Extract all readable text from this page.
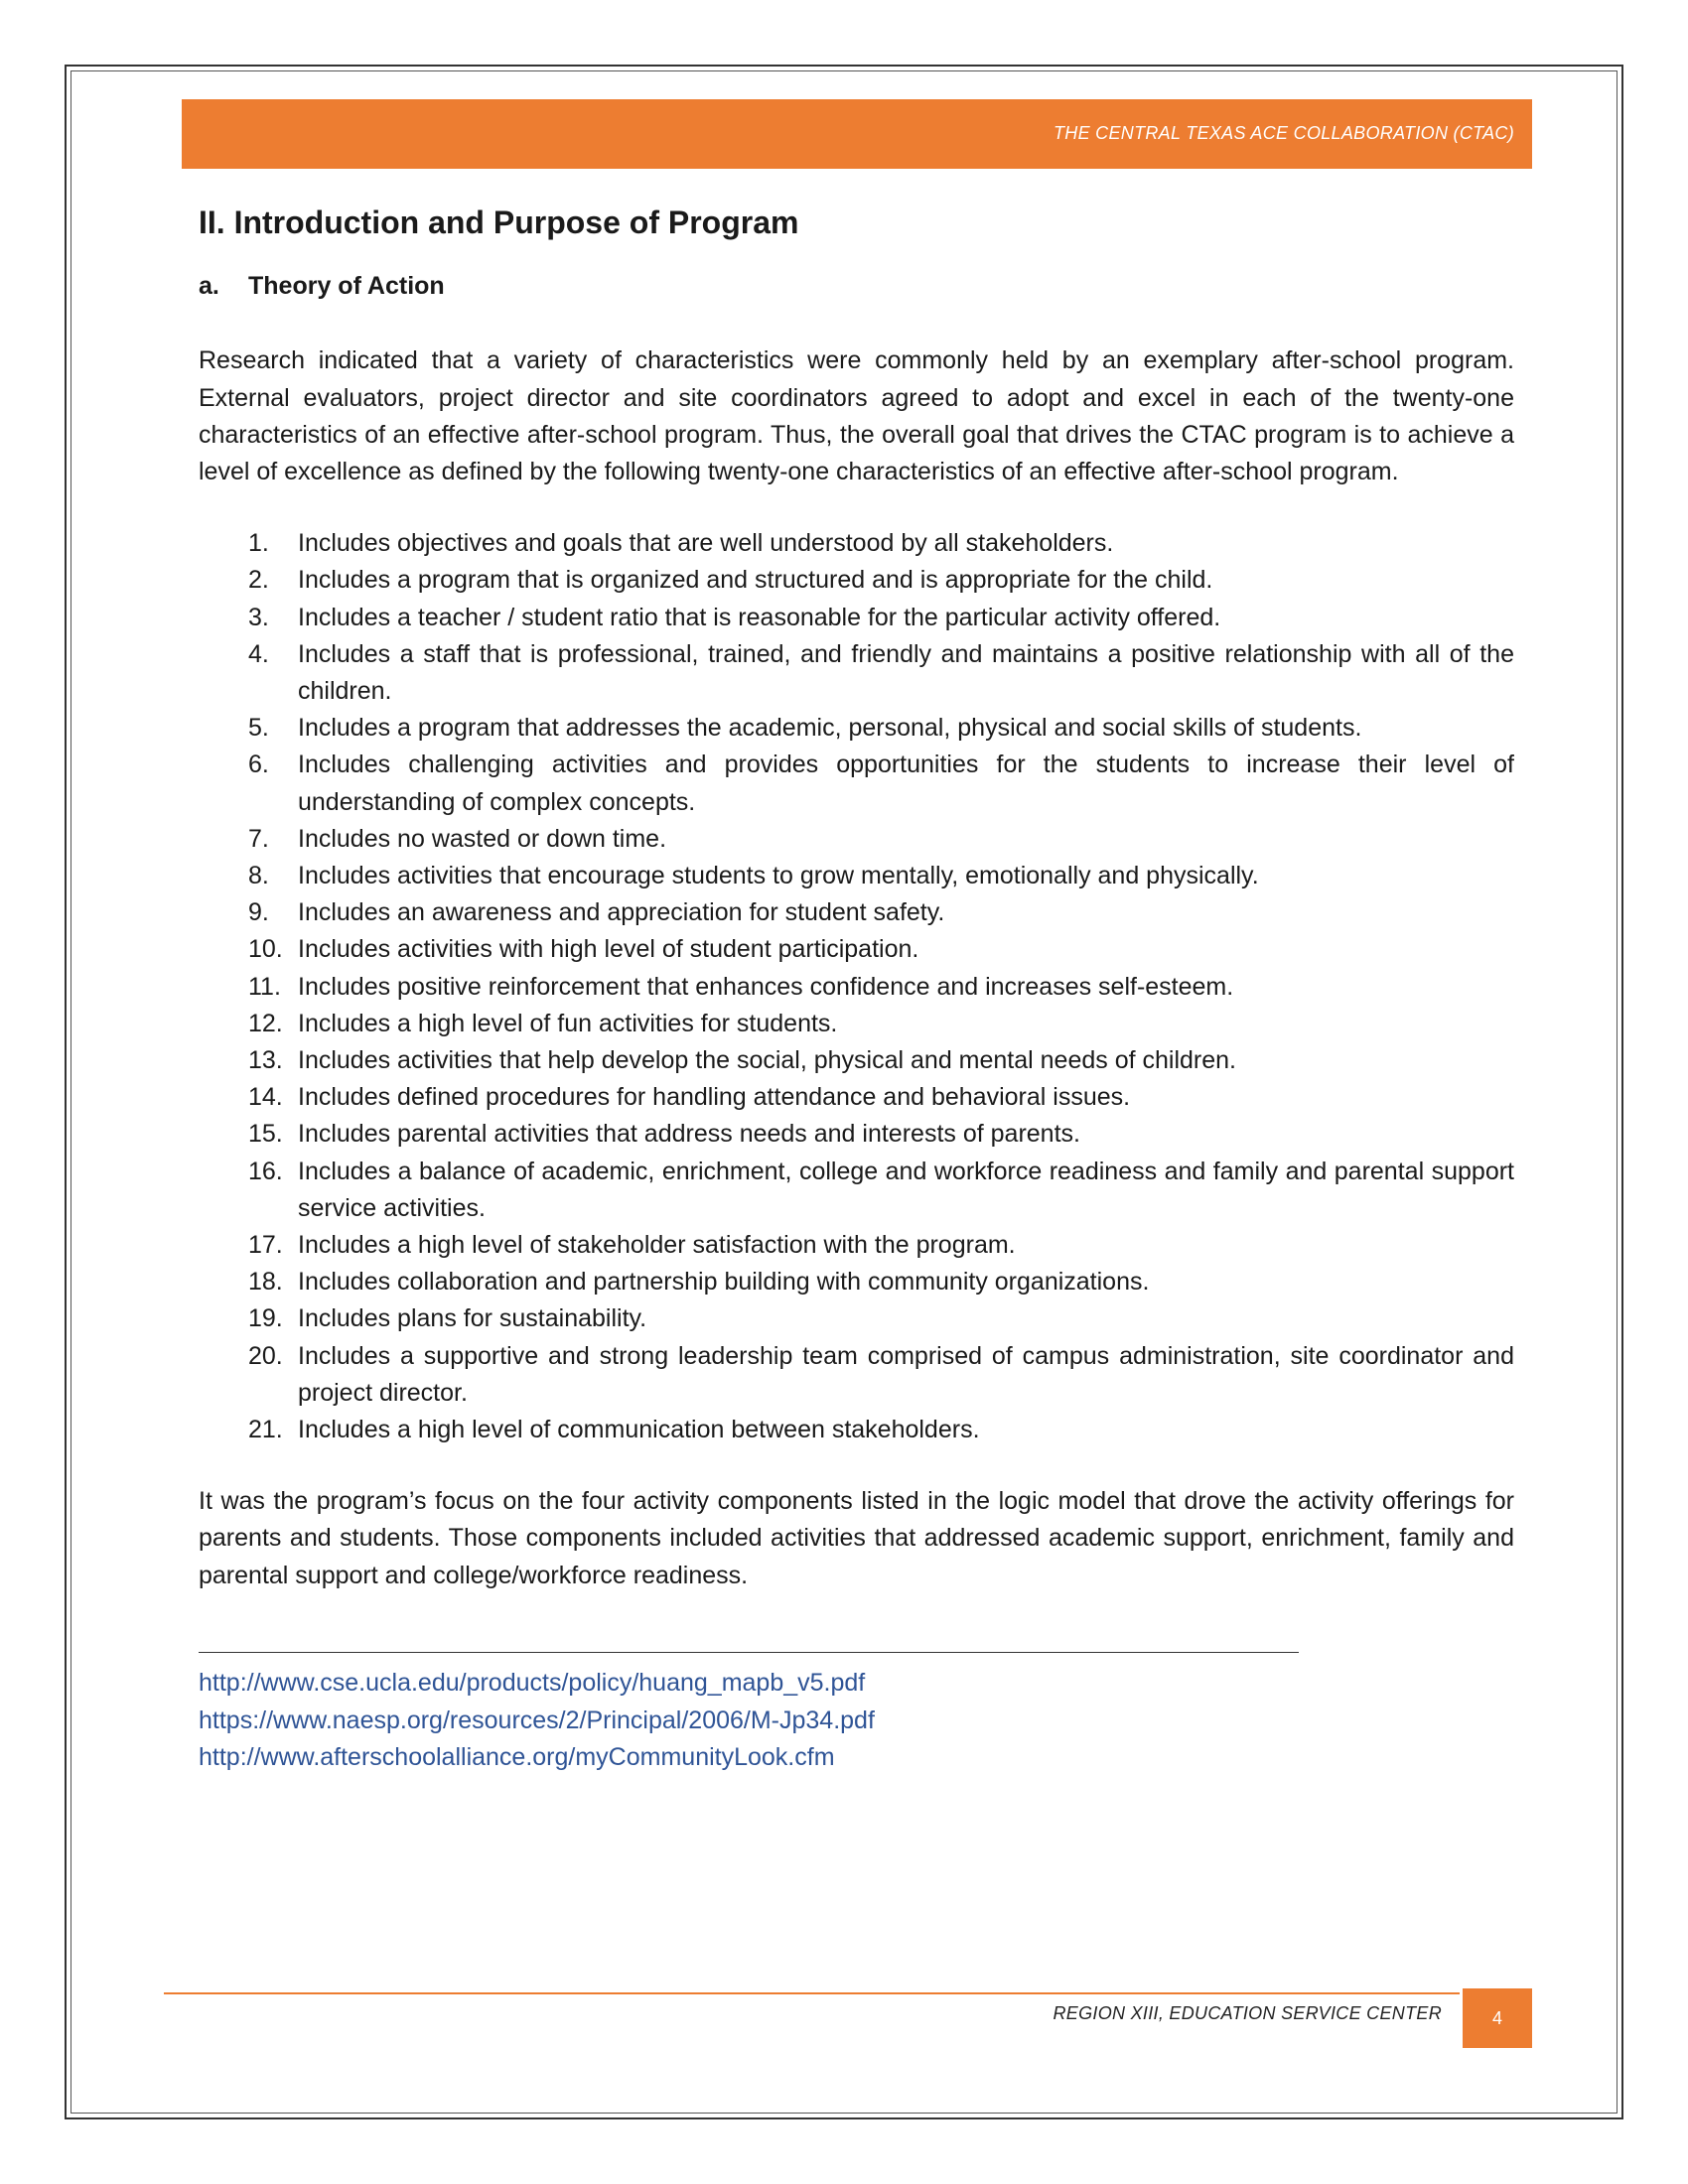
THE CENTRAL TEXAS ACE COLLABORATION (CTAC)
II. Introduction and Purpose of Program
a. Theory of Action

Research indicated that a variety of characteristics were commonly held by an exemplary after-school program. External evaluators, project director and site coordinators agreed to adopt and excel in each of the twenty-one characteristics of an effective after-school program. Thus, the overall goal that drives the CTAC program is to achieve a level of excellence as defined by the following twenty-one characteristics of an effective after-school program.

1.	Includes objectives and goals that are well understood by all stakeholders.
2.	Includes a program that is organized and structured and is appropriate for the child.
3.	Includes a teacher / student ratio that is reasonable for the particular activity offered.
4.	Includes a staff that is professional, trained, and friendly and maintains a positive relationship with all of the children.
5.	Includes a program that addresses the academic, personal, physical and social skills of students.
6.	Includes challenging activities and provides opportunities for the students to increase their level of understanding of complex concepts.
7.	Includes no wasted or down time.
8.	Includes activities that encourage students to grow mentally, emotionally and physically.
9.	Includes an awareness and appreciation for student safety.
10. Includes activities with high level of student participation.
11. Includes positive reinforcement that enhances confidence and increases self-esteem.
12. Includes a high level of fun activities for students.
13. Includes activities that help develop the social, physical and mental needs of children.
14. Includes defined procedures for handling attendance and behavioral issues.
15. Includes parental activities that address needs and interests of parents.
16. Includes a balance of academic, enrichment, college and workforce readiness and family and parental support service activities.
17. Includes a high level of stakeholder satisfaction with the program.
18. Includes collaboration and partnership building with community organizations.
19. Includes plans for sustainability.
20. Includes a supportive and strong leadership team comprised of campus administration, site coordinator and project director.
21. Includes a high level of communication between stakeholders.

It was the program’s focus on the four activity components listed in the logic model that drove the activity offerings for parents and students. Those components included activities that addressed academic support, enrichment, family and parental support and college/workforce readiness.

http://www.cse.ucla.edu/products/policy/huang_mapb_v5.pdf
https://www.naesp.org/resources/2/Principal/2006/M-Jp34.pdf
http://www.afterschoolalliance.org/myCommunityLook.cfm
REGION XIII, EDUCATION SERVICE CENTER	4
